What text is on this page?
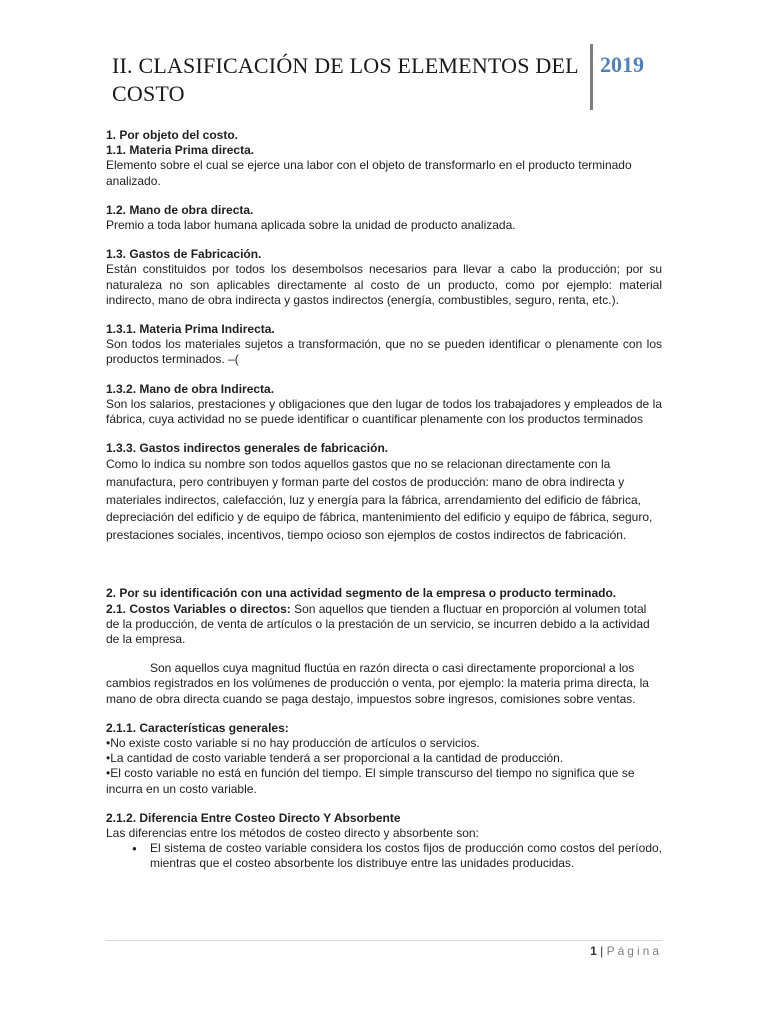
II. CLASIFICACIÓN DE LOS ELEMENTOS DEL COSTO
2019

1. Por objeto del costo.

1.1. Materia Prima directa.

Elemento sobre el cual se ejerce una labor con el objeto de transformarlo en el producto terminado analizado.

1.2. Mano de obra directa.

Premio a toda labor humana aplicada sobre la unidad de producto analizada.

1.3. Gastos de Fabricación.

Están constituidos por todos los desembolsos necesarios para llevar a cabo la producción; por su naturaleza no son aplicables directamente al costo de un producto, como por ejemplo: material indirecto, mano de obra indirecta y gastos indirectos (energía, combustibles, seguro, renta, etc.).

1.3.1. Materia Prima Indirecta.

Son todos los materiales sujetos a transformación, que no se pueden identificar o plenamente con los productos terminados. –(

1.3.2. Mano de obra Indirecta.

Son los salarios, prestaciones y obligaciones que den lugar de todos los trabajadores y empleados de la fábrica, cuya actividad no se puede identificar o cuantificar plenamente con los productos terminados

1.3.3. Gastos indirectos generales de fabricación.

Como lo indica su nombre son todos aquellos gastos que no se relacionan directamente con la manufactura, pero contribuyen y forman parte del costos de producción: mano de obra indirecta y materiales indirectos, calefacción, luz y energía para la fábrica, arrendamiento del edificio de fábrica, depreciación del edificio y de equipo de fábrica, mantenimiento del edificio y equipo de fábrica, seguro, prestaciones sociales, incentivos, tiempo ocioso son ejemplos de costos indirectos de fabricación.

2. Por su identificación con una actividad segmento de la empresa o producto terminado.

2.1. Costos Variables o directos: Son aquellos que tienden a fluctuar en proporción al volumen total de la producción, de venta de artículos o la prestación de un servicio, se incurren debido a la actividad de la empresa.

Son aquellos cuya magnitud fluctúa en razón directa o casi directamente proporcional a los cambios registrados en los volúmenes de producción o venta, por ejemplo: la materia prima directa, la mano de obra directa cuando se paga destajo, impuestos sobre ingresos, comisiones sobre ventas.

2.1.1. Características generales:

•No existe costo variable si no hay producción de artículos o servicios.

•La cantidad de costo variable tenderá a ser proporcional a la cantidad de producción.

•El costo variable no está en función del tiempo. El simple transcurso del tiempo no significa que se incurra en un costo variable.

2.1.2. Diferencia Entre Costeo Directo Y Absorbente

Las diferencias entre los métodos de costeo directo y absorbente son:

● El sistema de costeo variable considera los costos fijos de producción como costos del período, mientras que el costeo absorbente los distribuye entre las unidades producidas.
1 | Página
